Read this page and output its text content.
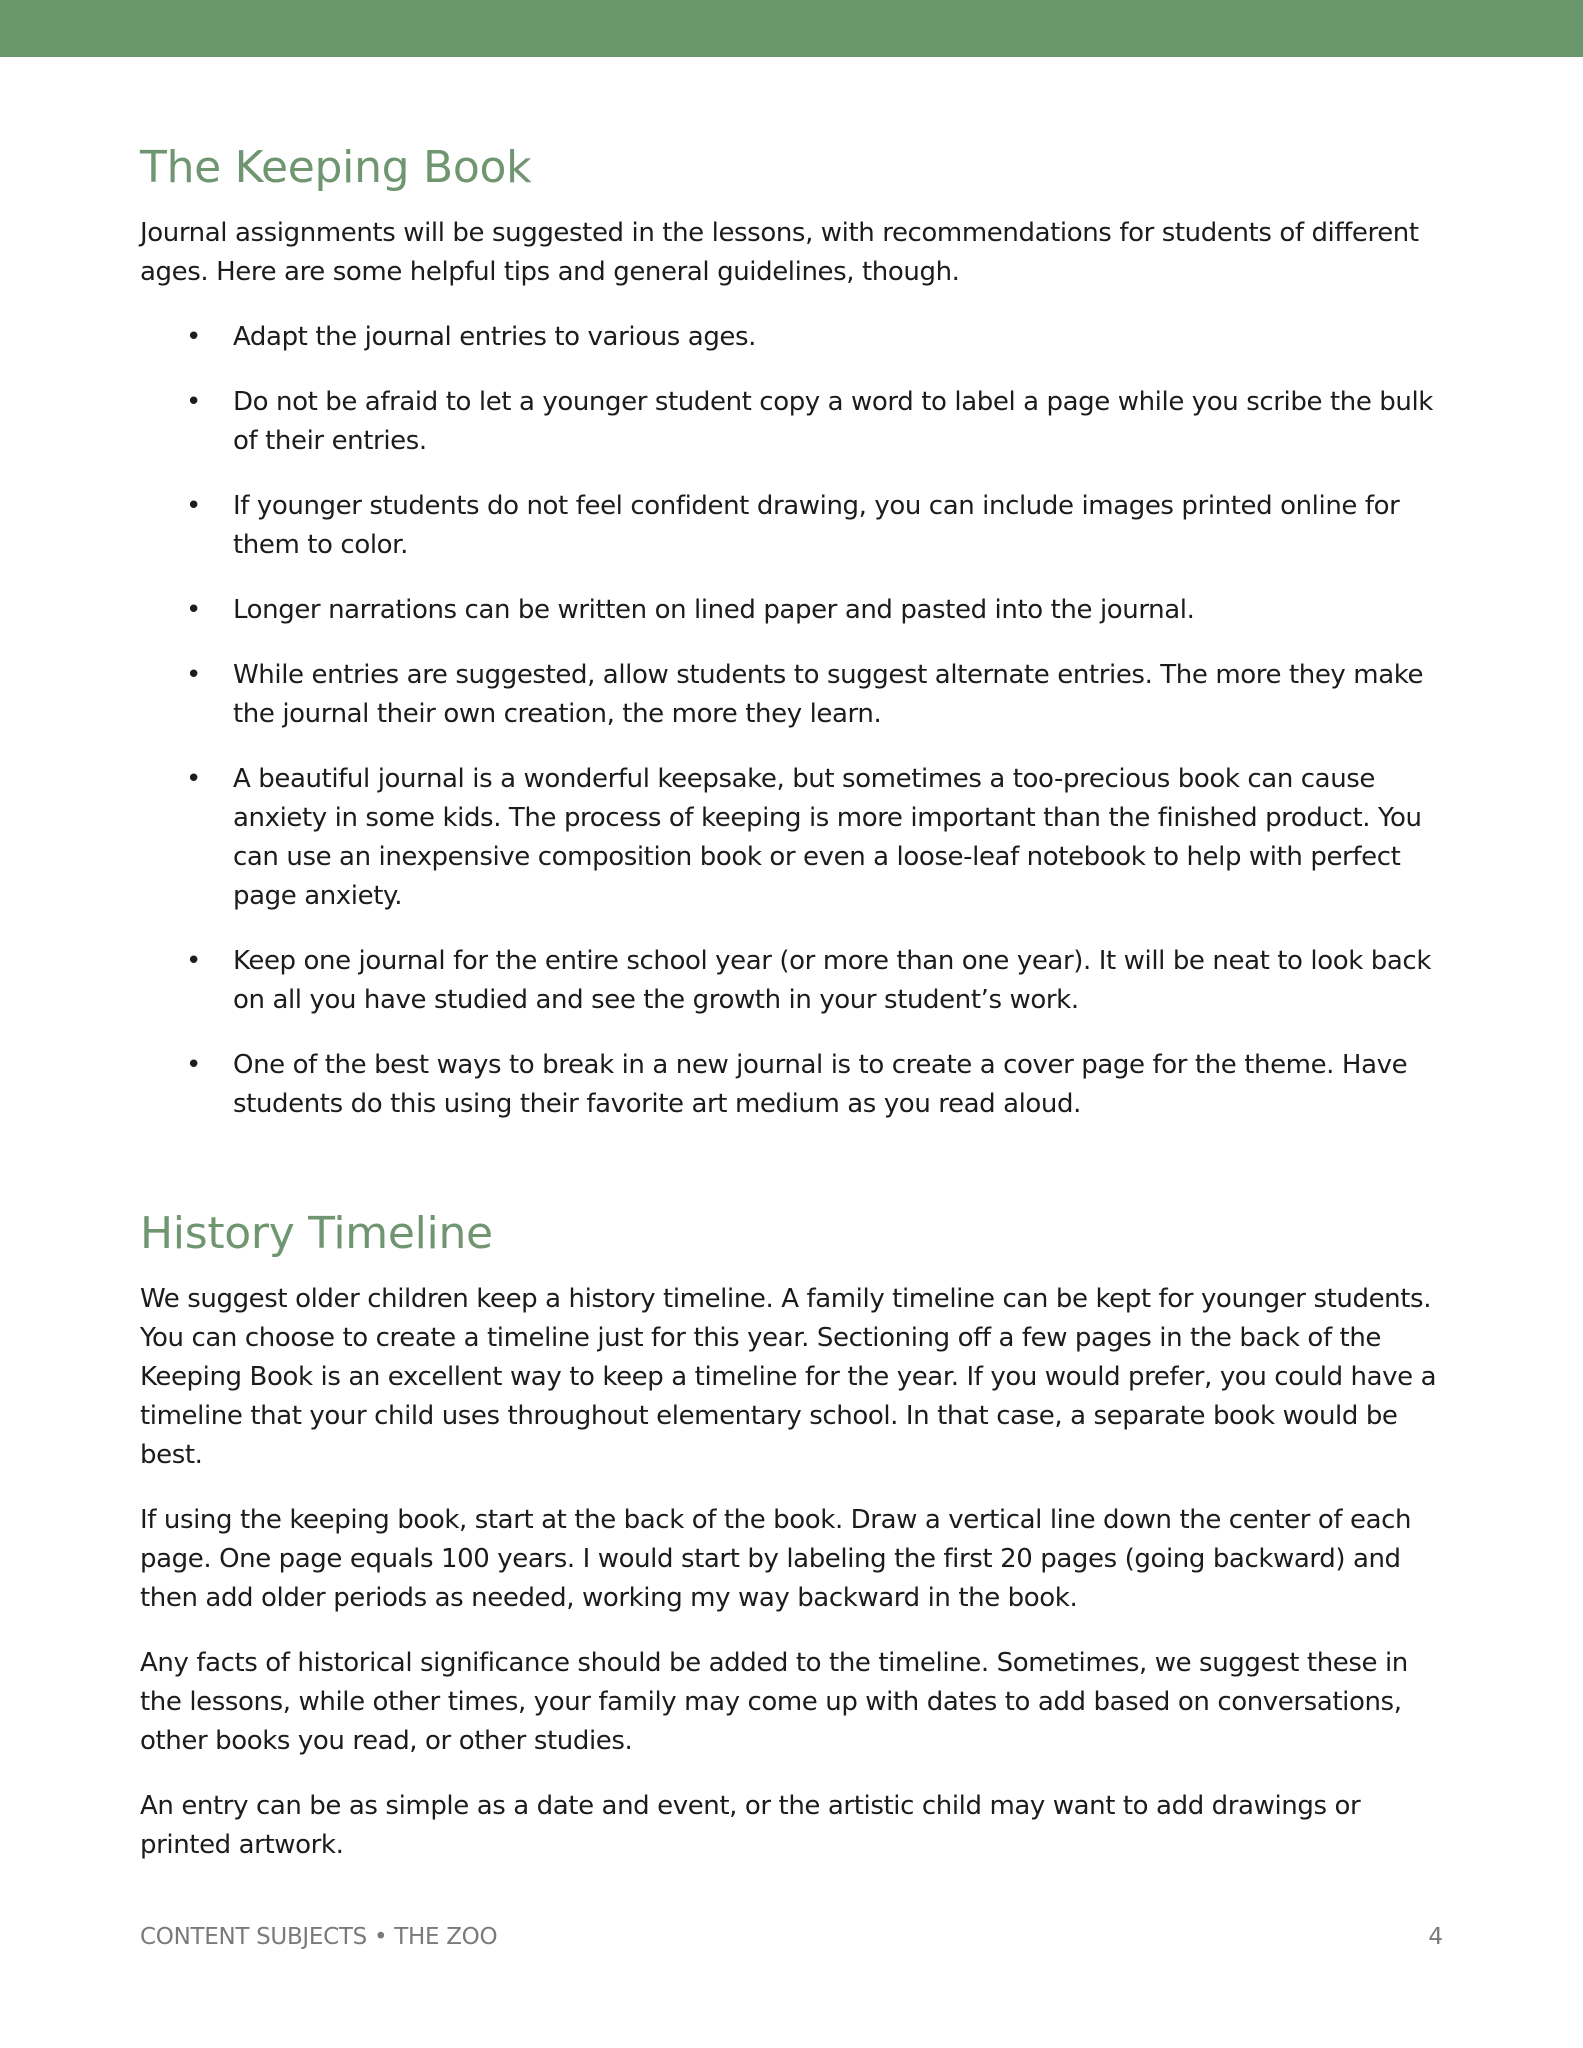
The Keeping Book

Journal assignments will be suggested in the lessons, with recommendations for students of different ages. Here are some helpful tips and general guidelines, though.

• Adapt the journal entries to various ages.
• Do not be afraid to let a younger student copy a word to label a page while you scribe the bulk of their entries.
• If younger students do not feel confident drawing, you can include images printed online for them to color.
• Longer narrations can be written on lined paper and pasted into the journal.
• While entries are suggested, allow students to suggest alternate entries. The more they make the journal their own creation, the more they learn.
• A beautiful journal is a wonderful keepsake, but sometimes a too-precious book can cause anxiety in some kids. The process of keeping is more important than the finished product. You can use an inexpensive composition book or even a loose-leaf notebook to help with perfect page anxiety.
• Keep one journal for the entire school year (or more than one year). It will be neat to look back on all you have studied and see the growth in your student’s work.
• One of the best ways to break in a new journal is to create a cover page for the theme. Have students do this using their favorite art medium as you read aloud.
History Timeline

We suggest older children keep a history timeline. A family timeline can be kept for younger students. You can choose to create a timeline just for this year. Sectioning off a few pages in the back of the Keeping Book is an excellent way to keep a timeline for the year. If you would prefer, you could have a timeline that your child uses throughout elementary school. In that case, a separate book would be best.

If using the keeping book, start at the back of the book. Draw a vertical line down the center of each page. One page equals 100 years. I would start by labeling the first 20 pages (going backward) and then add older periods as needed, working my way backward in the book.

Any facts of historical significance should be added to the timeline. Sometimes, we suggest these in the lessons, while other times, your family may come up with dates to add based on conversations, other books you read, or other studies.

An entry can be as simple as a date and event, or the artistic child may want to add drawings or printed artwork.

CONTENT SUBJECTS • THE ZOO	4
